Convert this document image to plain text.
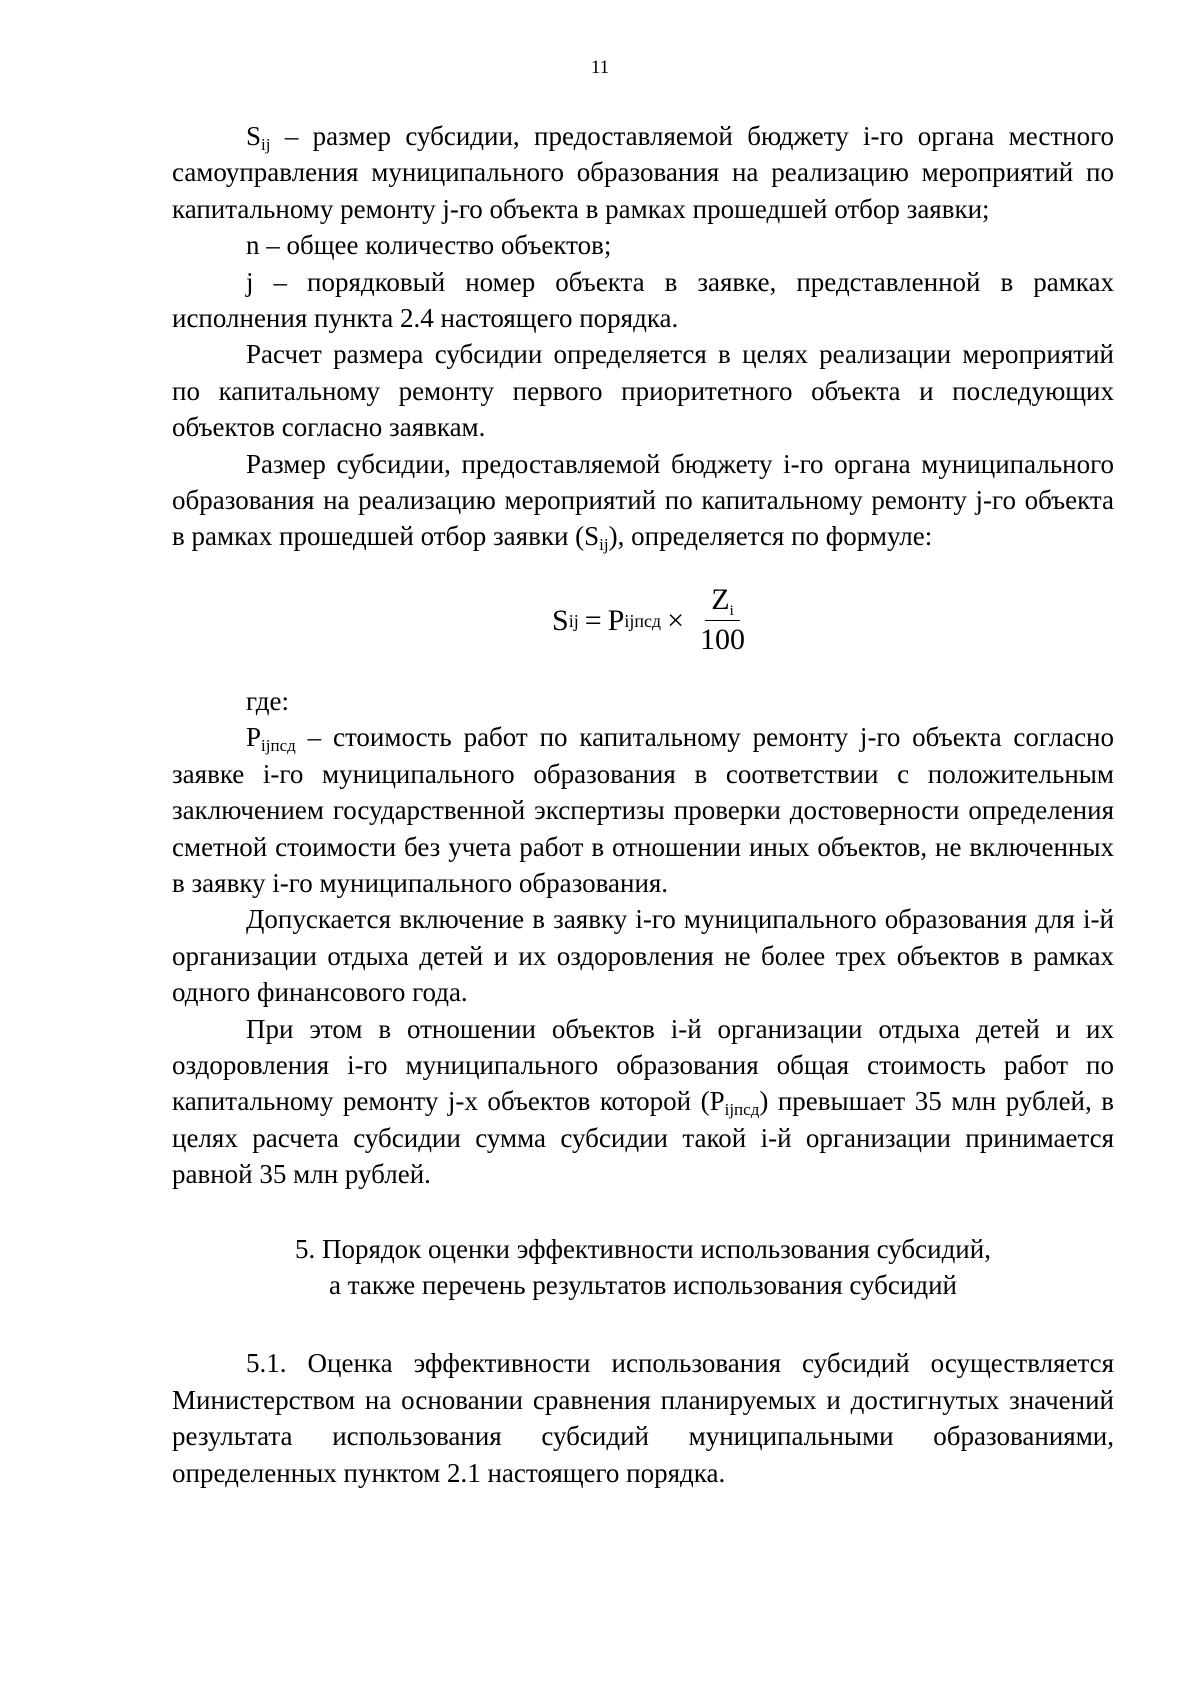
11

$S_{ij}$ – размер субсидии, предоставляемой бюджету i-го органа местного самоуправления муниципального образования на реализацию мероприятий по капитальному ремонту j-го объекта в рамках прошедшей отбор заявки;

n – общее количество объектов;

j – порядковый номер объекта в заявке, представленной в рамках исполнения пункта 2.4 настоящего порядка.

Расчет размера субсидии определяется в целях реализации мероприятий по капитальному ремонту первого приоритетного объекта и последующих объектов согласно заявкам.

Размер субсидии, предоставляемой бюджету i-го органа муниципального образования на реализацию мероприятий по капитальному ремонту j-го объекта в рамках прошедшей отбор заявки $(S_{ij})$, определяется по формуле:

S ij = P ijпсд × $\frac{Z_i}{100}$

где:

$P_{ijпсд}$ – стоимость работ по капитальному ремонту j-го объекта согласно заявке i-го муниципального образования в соответствии с положительным заключением государственной экспертизы проверки достоверности определения сметной стоимости без учета работ в отношении иных объектов, не включенных в заявку i-го муниципального образования.

Допускается включение в заявку i-го муниципального образования для i-й организации отдыха детей и их оздоровления не более трех объектов в рамках одного финансового года.

При этом в отношении объектов i-й организации отдыха детей и их оздоровления i-го муниципального образования общая стоимость работ по капитальному ремонту j-х объектов которой $(P_{ijпсд})$ превышает 35 млн рублей, в целях расчета субсидии сумма субсидии такой i-й организации принимается равной 35 млн рублей.

5. Порядок оценки эффективности использования субсидий,
а также перечень результатов использования субсидий

5.1. Оценка эффективности использования субсидий осуществляется Министерством на основании сравнения планируемых и достигнутых значений результата использования субсидий муниципальными образованиями, определенных пунктом 2.1 настоящего порядка.
